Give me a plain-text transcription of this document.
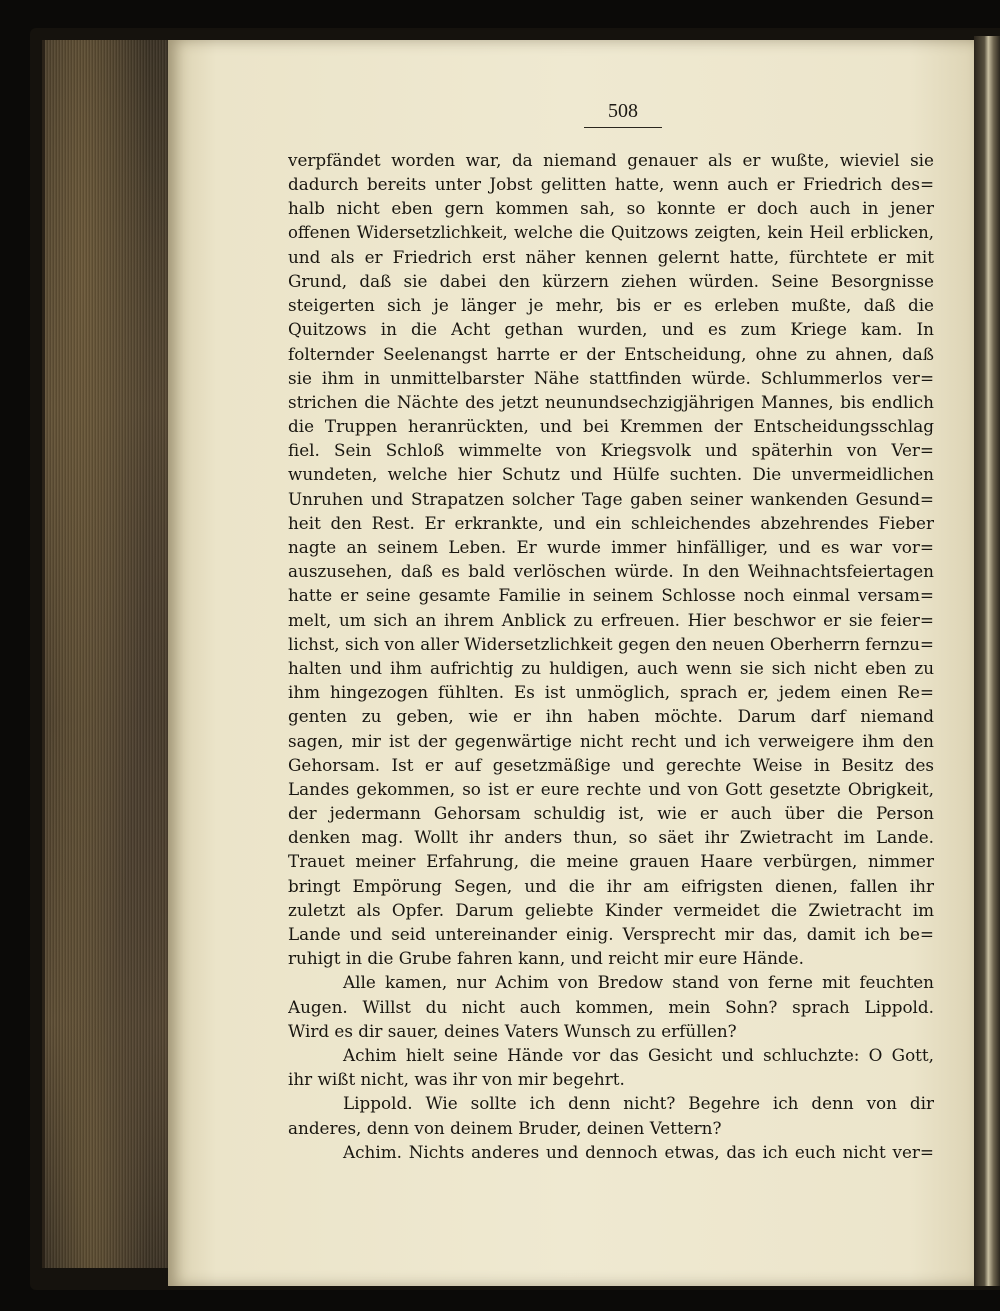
508
verpfändet worden war, da niemand genauer als er wußte, wieviel sie
dadurch bereits unter Jobst gelitten hatte, wenn auch er Friedrich des=
halb nicht eben gern kommen sah, so konnte er doch auch in jener
offenen Widersetzlichkeit, welche die Quitzows zeigten, kein Heil erblicken,
und als er Friedrich erst näher kennen gelernt hatte, fürchtete er mit
Grund, daß sie dabei den kürzern ziehen würden. Seine Besorgnisse
steigerten sich je länger je mehr, bis er es erleben mußte, daß die
Quitzows in die Acht gethan wurden, und es zum Kriege kam. In
folternder Seelenangst harrte er der Entscheidung, ohne zu ahnen, daß
sie ihm in unmittelbarster Nähe stattfinden würde. Schlummerlos ver=
strichen die Nächte des jetzt neunundsechzigjährigen Mannes, bis endlich
die Truppen heranrückten, und bei Kremmen der Entscheidungsschlag
fiel. Sein Schloß wimmelte von Kriegsvolk und späterhin von Ver=
wundeten, welche hier Schutz und Hülfe suchten. Die unvermeidlichen
Unruhen und Strapatzen solcher Tage gaben seiner wankenden Gesund=
heit den Rest. Er erkrankte, und ein schleichendes abzehrendes Fieber
nagte an seinem Leben. Er wurde immer hinfälliger, und es war vor=
auszusehen, daß es bald verlöschen würde. In den Weihnachtsfeiertagen
hatte er seine gesamte Familie in seinem Schlosse noch einmal versam=
melt, um sich an ihrem Anblick zu erfreuen. Hier beschwor er sie feier=
lichst, sich von aller Widersetzlichkeit gegen den neuen Oberherrn fernzu=
halten und ihm aufrichtig zu huldigen, auch wenn sie sich nicht eben zu
ihm hingezogen fühlten. Es ist unmöglich, sprach er, jedem einen Re=
genten zu geben, wie er ihn haben möchte. Darum darf niemand
sagen, mir ist der gegenwärtige nicht recht und ich verweigere ihm den
Gehorsam. Ist er auf gesetzmäßige und gerechte Weise in Besitz des
Landes gekommen, so ist er eure rechte und von Gott gesetzte Obrigkeit,
der jedermann Gehorsam schuldig ist, wie er auch über die Person
denken mag. Wollt ihr anders thun, so säet ihr Zwietracht im Lande.
Trauet meiner Erfahrung, die meine grauen Haare verbürgen, nimmer
bringt Empörung Segen, und die ihr am eifrigsten dienen, fallen ihr
zuletzt als Opfer. Darum geliebte Kinder vermeidet die Zwietracht im
Lande und seid untereinander einig. Versprecht mir das, damit ich be=
ruhigt in die Grube fahren kann, und reicht mir eure Hände.
Alle kamen, nur Achim von Bredow stand von ferne mit feuchten
Augen. Willst du nicht auch kommen, mein Sohn? sprach Lippold.
Wird es dir sauer, deines Vaters Wunsch zu erfüllen?
Achim hielt seine Hände vor das Gesicht und schluchzte: O Gott,
ihr wißt nicht, was ihr von mir begehrt.
Lippold. Wie sollte ich denn nicht? Begehre ich denn von dir
anderes, denn von deinem Bruder, deinen Vettern?
Achim. Nichts anderes und dennoch etwas, das ich euch nicht ver=
